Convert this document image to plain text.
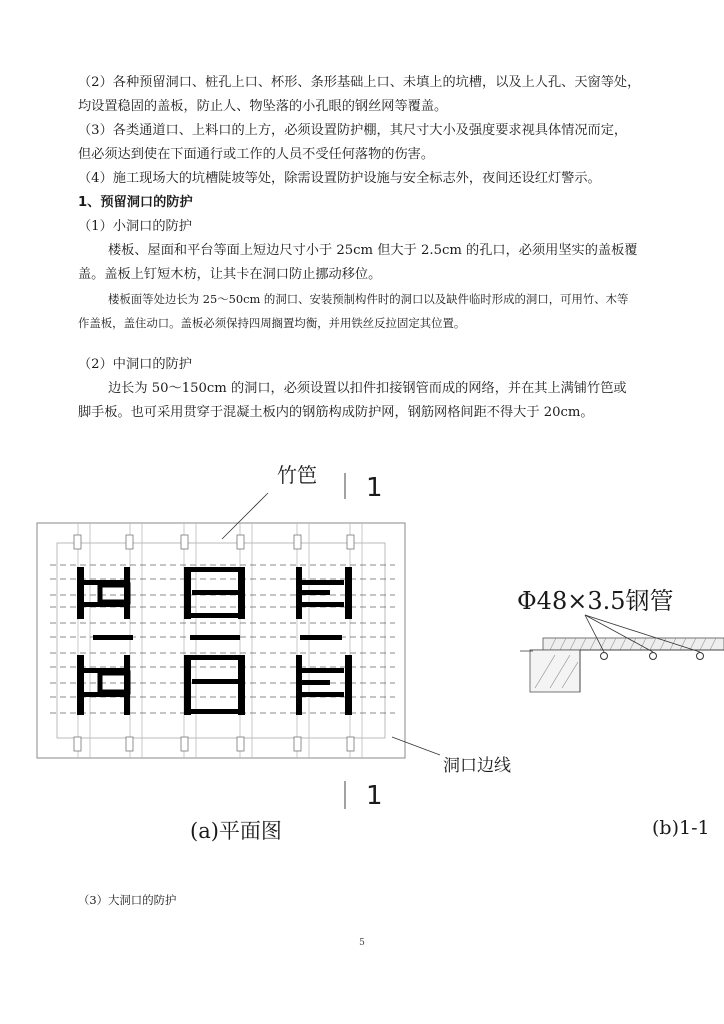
（2）各种预留洞口、桩孔上口、杯形、条形基础上口、未填上的坑槽，以及上人孔、天窗等处，
均设置稳固的盖板，防止人、物坠落的小孔眼的钢丝网等覆盖。
（3）各类通道口、上料口的上方，必须设置防护棚，其尺寸大小及强度要求视具体情况而定，
但必须达到使在下面通行或工作的人员不受任何落物的伤害。
（4）施工现场大的坑槽陡坡等处，除需设置防护设施与安全标志外，夜间还设红灯警示。
1、预留洞口的防护
（1）小洞口的防护
楼板、屋面和平台等面上短边尺寸小于 25cm 但大于 2.5cm 的孔口，必须用坚实的盖板覆
盖。盖板上钉短木枋，让其卡在洞口防止挪动移位。
楼板面等处边长为 25～50cm 的洞口、安装预制构件时的洞口以及缺件临时形成的洞口，可用竹、木等
作盖板，盖住动口。盖板必须保持四周搁置均衡，并用铁丝反拉固定其位置。
（2）中洞口的防护
边长为 50～150cm 的洞口，必须设置以扣件扣接钢管而成的网络，并在其上满铺竹笆或
脚手板。也可采用贯穿于混凝土板内的钢筋构成防护网，钢筋网格间距不得大于 20cm。
竹笆 1
1
洞口边线
Φ48×3.5钢管
(a)平面图	(b)1-1
（3）大洞口的防护
5
